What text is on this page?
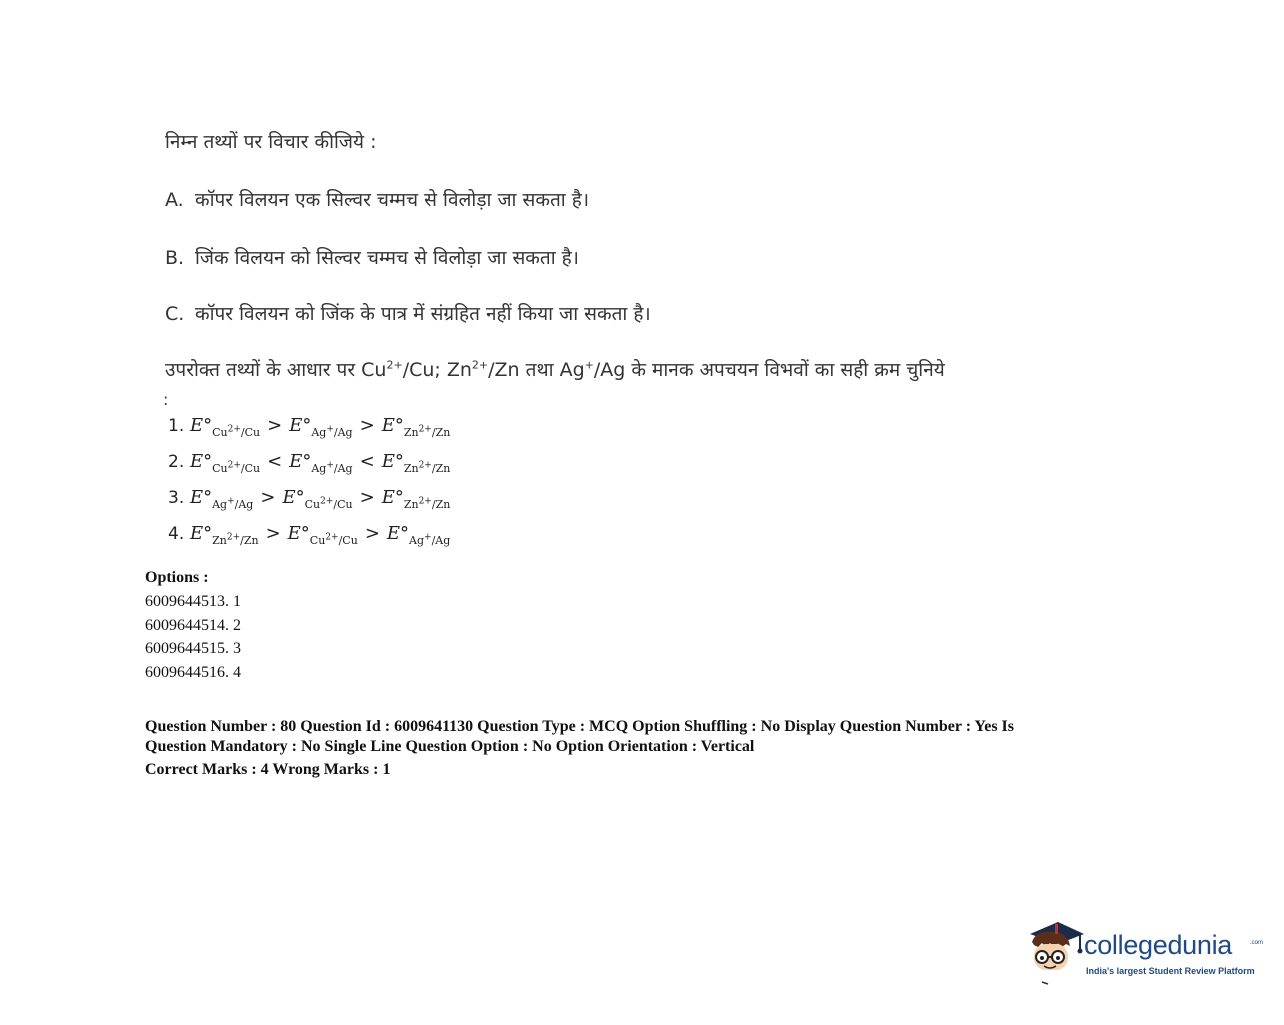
निम्न तथ्यों पर विचार कीजिये :
A. कॉपर विलयन एक सिल्वर चम्मच से विलोड़ा जा सकता है।
B. जिंक विलयन को सिल्वर चम्मच से विलोड़ा जा सकता है।
C. कॉपर विलयन को जिंक के पात्र में संग्रहित नहीं किया जा सकता है।
उपरोक्त तथ्यों के आधार पर $Cu^{2+}/Cu$; $Zn^{2+}/Zn$ तथा Ag+/Ag के मानक अपचयन विभवों का सही क्रम चुनिये
:
1. $E^\circ_{Cu^{2+}/Cu} > E^\circ_{Ag^+/Ag} > E^\circ_{Zn^{2+}/Zn}$
2. $E^\circ_{Cu^{2+}/Cu} < E^\circ_{Ag^+/Ag} < E^\circ_{Zn^{2+}/Zn}$
3. $E^\circ_{Ag^+/Ag} > E^\circ_{Cu^{2+}/Cu} > E^\circ_{Zn^{2+}/Zn}$
4. $E^\circ_{Zn^{2+}/Zn} > E^\circ_{Cu^{2+}/Cu} > E^\circ_{Ag^+/Ag}$
Options :
6009644513. 1
6009644514. 2
6009644515. 3
6009644516. 4
Question Number : 80 Question Id : 6009641130 Question Type : MCQ Option Shuffling : No Display Question Number : Yes Is
Question Mandatory : No Single Line Question Option : No Option Orientation : Vertical
Correct Marks : 4 Wrong Marks : 1
collegedunia	.com
India's largest Student Review Platform
